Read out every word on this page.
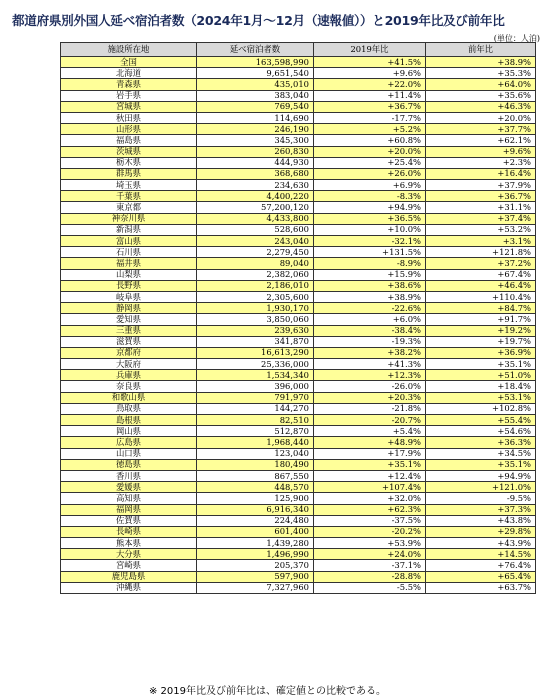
都道府県別外国人延べ宿泊者数（2024年1月～12月（速報値））と2019年比及び前年比
(単位：人泊)
施設所在地	延べ宿泊者数	2019年比	前年比
全国	163,598,990	+41.5%	+38.9%
北海道	9,651,540	+9.6%	+35.3%
青森県	435,010	+22.0%	+64.0%
岩手県	383,040	+11.4%	+35.6%
宮城県	769,540	+36.7%	+46.3%
秋田県	114,690	-17.7%	+20.0%
山形県	246,190	+5.2%	+37.7%
福島県	345,300	+60.8%	+62.1%
茨城県	260,830	+20.0%	+9.6%
栃木県	444,930	+25.4%	+2.3%
群馬県	368,680	+26.0%	+16.4%
埼玉県	234,630	+6.9%	+37.9%
千葉県	4,400,220	-8.3%	+36.7%
東京都	57,200,120	+94.9%	+31.1%
神奈川県	4,433,800	+36.5%	+37.4%
新潟県	528,600	+10.0%	+53.2%
富山県	243,040	-32.1%	+3.1%
石川県	2,279,450	+131.5%	+121.8%
福井県	89,040	-8.9%	+37.2%
山梨県	2,382,060	+15.9%	+67.4%
長野県	2,186,010	+38.6%	+46.4%
岐阜県	2,305,600	+38.9%	+110.4%
静岡県	1,930,170	-22.6%	+84.7%
愛知県	3,850,060	+6.0%	+91.7%
三重県	239,630	-38.4%	+19.2%
滋賀県	341,870	-19.3%	+19.7%
京都府	16,613,290	+38.2%	+36.9%
大阪府	25,336,000	+41.3%	+35.1%
兵庫県	1,534,340	+12.3%	+51.0%
奈良県	396,000	-26.0%	+18.4%
和歌山県	791,970	+20.3%	+53.1%
鳥取県	144,270	-21.8%	+102.8%
島根県	82,510	-20.7%	+55.4%
岡山県	512,870	+5.4%	+54.6%
広島県	1,968,440	+48.9%	+36.3%
山口県	123,040	+17.9%	+34.5%
徳島県	180,490	+35.1%	+35.1%
香川県	867,550	+12.4%	+94.9%
愛媛県	448,570	+107.4%	+121.0%
高知県	125,900	+32.0%	-9.5%
福岡県	6,916,340	+62.3%	+37.3%
佐賀県	224,480	-37.5%	+43.8%
長崎県	601,400	-20.2%	+29.8%
熊本県	1,439,280	+53.9%	+43.9%
大分県	1,496,990	+24.0%	+14.5%
宮崎県	205,370	-37.1%	+76.4%
鹿児島県	597,900	-28.8%	+65.4%
沖縄県	7,327,960	-5.5%	+63.7%
※ 2019年比及び前年比は、確定値との比較である。
